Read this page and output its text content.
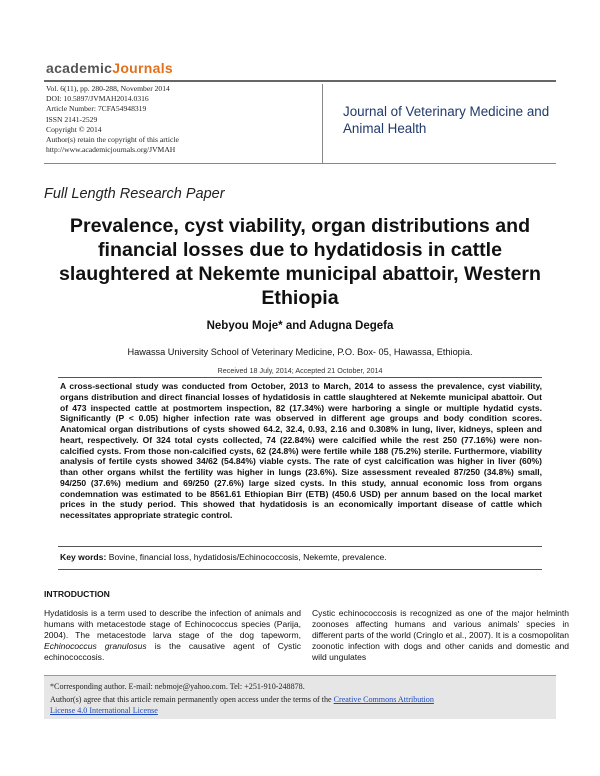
academicJournals
Vol. 6(11), pp. 280-288, November 2014
DOI: 10.5897/JVMAH2014.0316
Article Number: 7CFA54948319
ISSN 2141-2529
Copyright © 2014
Author(s) retain the copyright of this article
http://www.academicjournals.org/JVMAH
Journal of Veterinary Medicine and Animal Health
Full Length Research Paper
Prevalence, cyst viability, organ distributions and financial losses due to hydatidosis in cattle slaughtered at Nekemte municipal abattoir, Western Ethiopia
Nebyou Moje* and Adugna Degefa
Hawassa University School of Veterinary Medicine, P.O. Box- 05, Hawassa, Ethiopia.
Received 18 July, 2014; Accepted 21 October, 2014
A cross-sectional study was conducted from October, 2013 to March, 2014 to assess the prevalence, cyst viability, organs distribution and direct financial losses of hydatidosis in cattle slaughtered at Nekemte municipal abattoir. Out of 473 inspected cattle at postmortem inspection, 82 (17.34%) were harboring a single or multiple hydatid cysts. Significantly (P < 0.05) higher infection rate was observed in different age groups and body condition scores. Anatomical organ distributions of cysts showed 64.2, 32.4, 0.93, 2.16 and 0.308% in lung, liver, kidneys, spleen and heart, respectively. Of 324 total cysts collected, 74 (22.84%) were calcified while the rest 250 (77.16%) were non-calcified cysts. From those non-calcified cysts, 62 (24.8%) were fertile while 188 (75.2%) sterile. Furthermore, viability analysis of fertile cysts showed 34/62 (54.84%) viable cysts. The rate of cyst calcification was higher in liver (60%) than other organs whilst the fertility was higher in lungs (23.6%). Size assessment revealed 87/250 (34.8%) small, 94/250 (37.6%) medium and 69/250 (27.6%) large sized cysts. In this study, annual economic loss from organs condemnation was estimated to be 8561.61 Ethiopian Birr (ETB) (450.6 USD) per annum based on the local market prices in the study period. This showed that hydatidosis is an economically important disease of cattle which necessitates appropriate strategic control.
Key words: Bovine, financial loss, hydatidosis/Echinococcosis, Nekemte, prevalence.
INTRODUCTION
Hydatidosis is a term used to describe the infection of animals and humans with metacestode stage of Echinococcus species (Parija, 2004). The metacestode larva stage of the dog tapeworm, Echinococcus granulosus is the causative agent of Cystic echinococcosis.
Cystic echinococcosis is recognized as one of the major helminth zoonoses affecting humans and various animals' species in different parts of the world (Cringlo et al., 2007). It is a cosmopolitan zoonotic infection with dogs and other canids and domestic and wild ungulates
*Corresponding author. E-mail: nebmoje@yahoo.com. Tel: +251-910-248878.
Author(s) agree that this article remain permanently open access under the terms of the Creative Commons Attribution
License 4.0 International License
